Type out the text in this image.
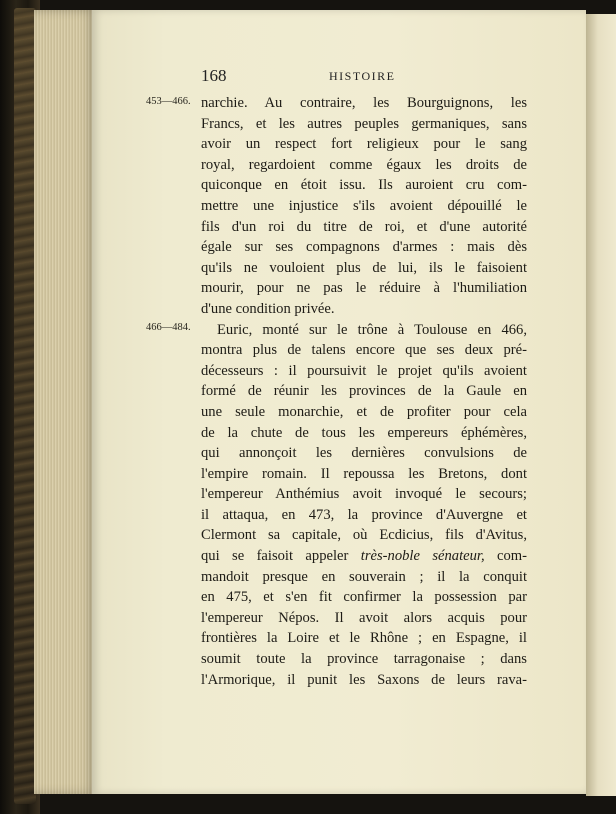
168	HISTOIRE
453—466.
466—484.
narchie. Au contraire, les Bourguignons, les
Francs, et les autres peuples germaniques, sans
avoir un respect fort religieux pour le sang
royal, regardoient comme égaux les droits de
quiconque en étoit issu. Ils auroient cru com-
mettre une injustice s'ils avoient dépouillé le
fils d'un roi du titre de roi, et d'une autorité
égale sur ses compagnons d'armes : mais dès
qu'ils ne vouloient plus de lui, ils le faisoient
mourir, pour ne pas le réduire à l'humiliation
d'une condition privée.
Euric, monté sur le trône à Toulouse en 466,
montra plus de talens encore que ses deux pré-
décesseurs : il poursuivit le projet qu'ils avoient
formé de réunir les provinces de la Gaule en
une seule monarchie, et de profiter pour cela
de la chute de tous les empereurs éphémères,
qui annonçoit les dernières convulsions de
l'empire romain. Il repoussa les Bretons, dont
l'empereur Anthémius avoit invoqué le secours;
il attaqua, en 473, la province d'Auvergne et
Clermont sa capitale, où Ecdicius, fils d'Avitus,
qui se faisoit appeler très-noble sénateur, com-
mandoit presque en souverain ; il la conquit
en 475, et s'en fit confirmer la possession par
l'empereur Népos. Il avoit alors acquis pour
frontières la Loire et le Rhône ; en Espagne, il
soumit toute la province tarragonaise ; dans
l'Armorique, il punit les Saxons de leurs rava-
